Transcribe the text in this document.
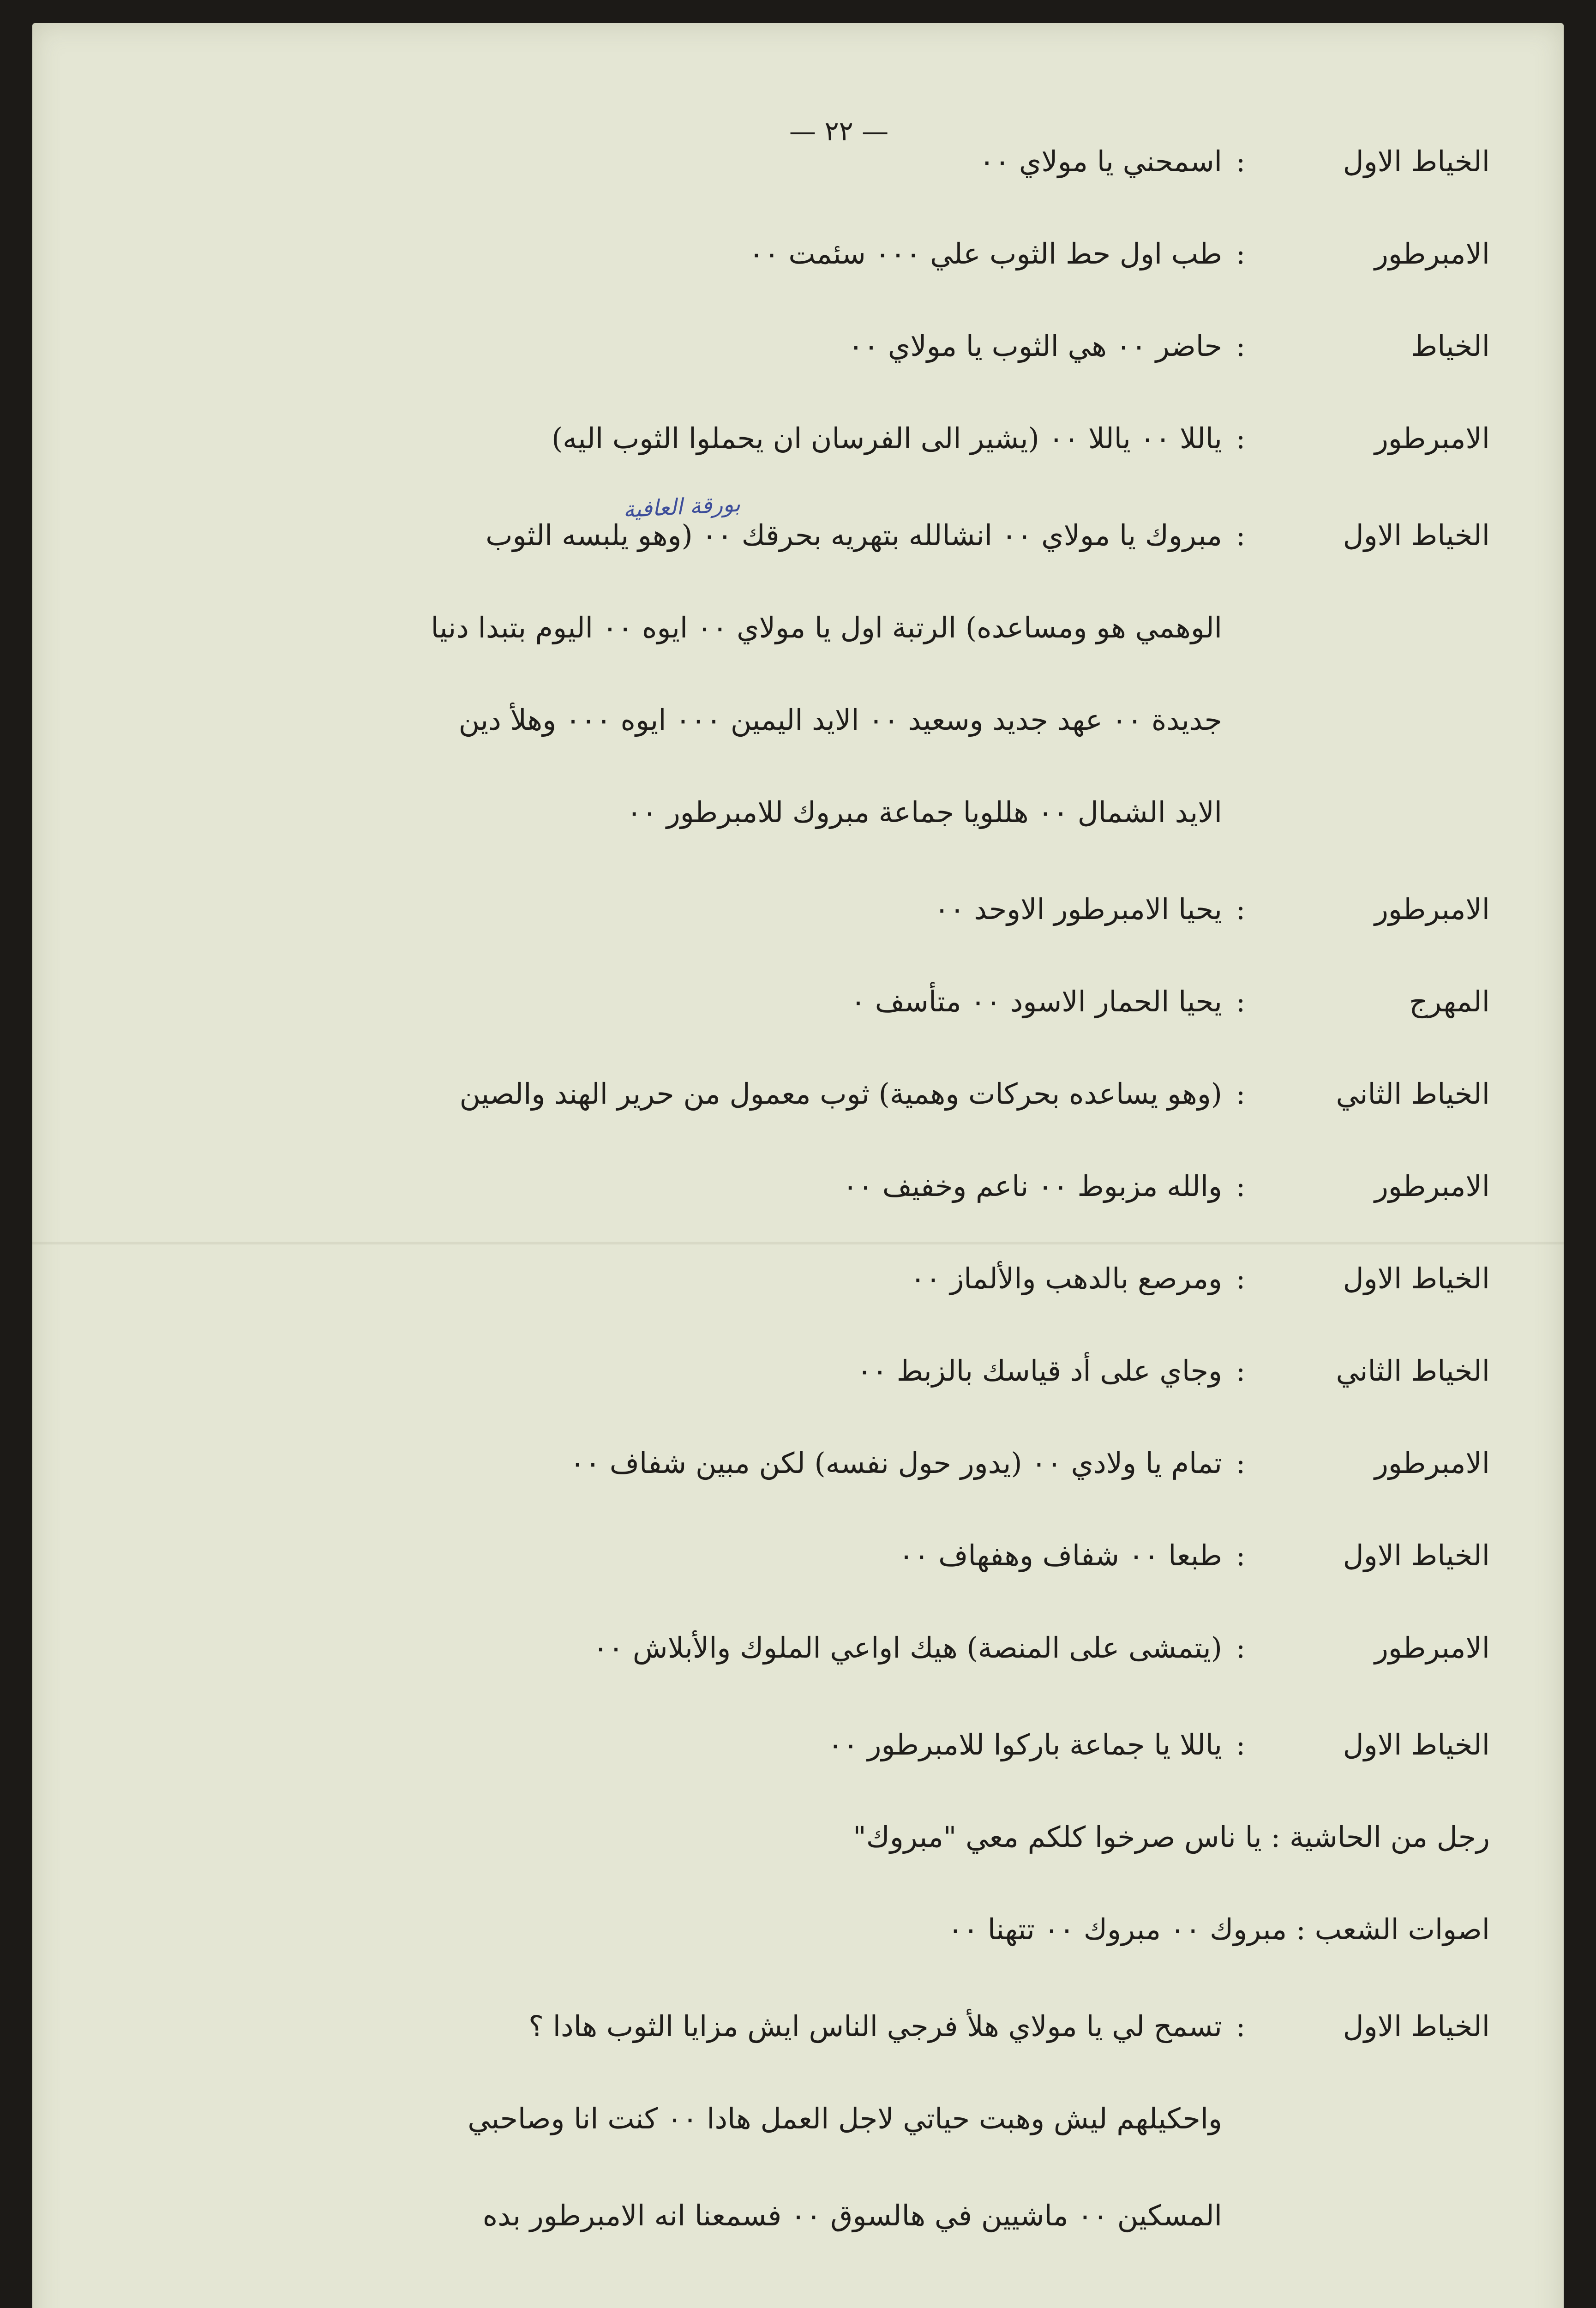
— ٢٢ —
بورقة العافية
الخياط الاول
:
اسمحني يا مولاي ٠٠
الامبرطور
:
طب اول حط الثوب علي ٠٠٠ سئمت ٠٠
الخياط
:
حاضر ٠٠ هي الثوب يا مولاي ٠٠
الامبرطور
:
ياللا ٠٠ ياللا ٠٠ (يشير الى الفرسان ان يحملوا الثوب اليه)
الخياط الاول
:
مبروك يا مولاي ٠٠ انشالله بتهريه بحرقك ٠٠ (وهو يلبسه الثوب
الوهمي هو ومساعده) الرتبة اول يا مولاي ٠٠ ايوه ٠٠ اليوم بتبدا دنيا
جديدة ٠٠ عهد جديد وسعيد ٠٠ الايد اليمين ٠٠٠ ايوه ٠٠٠ وهلأ دين
الايد الشمال ٠٠ هللويا جماعة مبروك للامبرطور ٠٠
الامبرطور
:
يحيا الامبرطور الاوحد ٠٠
المهرج
:
يحيا الحمار الاسود ٠٠ متأسف ٠
الخياط الثاني
:
(وهو يساعده بحركات وهمية) ثوب معمول من حرير الهند والصين
الامبرطور
:
والله مزبوط ٠٠ ناعم وخفيف ٠٠
الخياط الاول
:
ومرصع بالدهب والألماز ٠٠
الخياط الثاني
:
وجاي على أد قياسك بالزبط ٠٠
الامبرطور
:
تمام يا ولادي ٠٠ (يدور حول نفسه) لكن مبين شفاف ٠٠
الخياط الاول
:
طبعا ٠٠ شفاف وهفهاف ٠٠
الامبرطور
:
(يتمشى على المنصة) هيك اواعي الملوك والأبلاش ٠٠
الخياط الاول
:
ياللا يا جماعة باركوا للامبرطور ٠٠
رجل من الحاشية : يا ناس صرخوا كلكم معي "مبروك"
اصوات الشعب : مبروك ٠٠ مبروك ٠٠ تتهنا ٠٠
الخياط الاول
:
تسمح لي يا مولاي هلأ فرجي الناس ايش مزايا الثوب هادا ؟
واحكيلهم ليش وهبت حياتي لاجل العمل هادا ٠٠ كنت انا وصاحبي
المسكين ٠٠ ماشيين في هالسوق ٠٠ فسمعنا انه الامبرطور بده
